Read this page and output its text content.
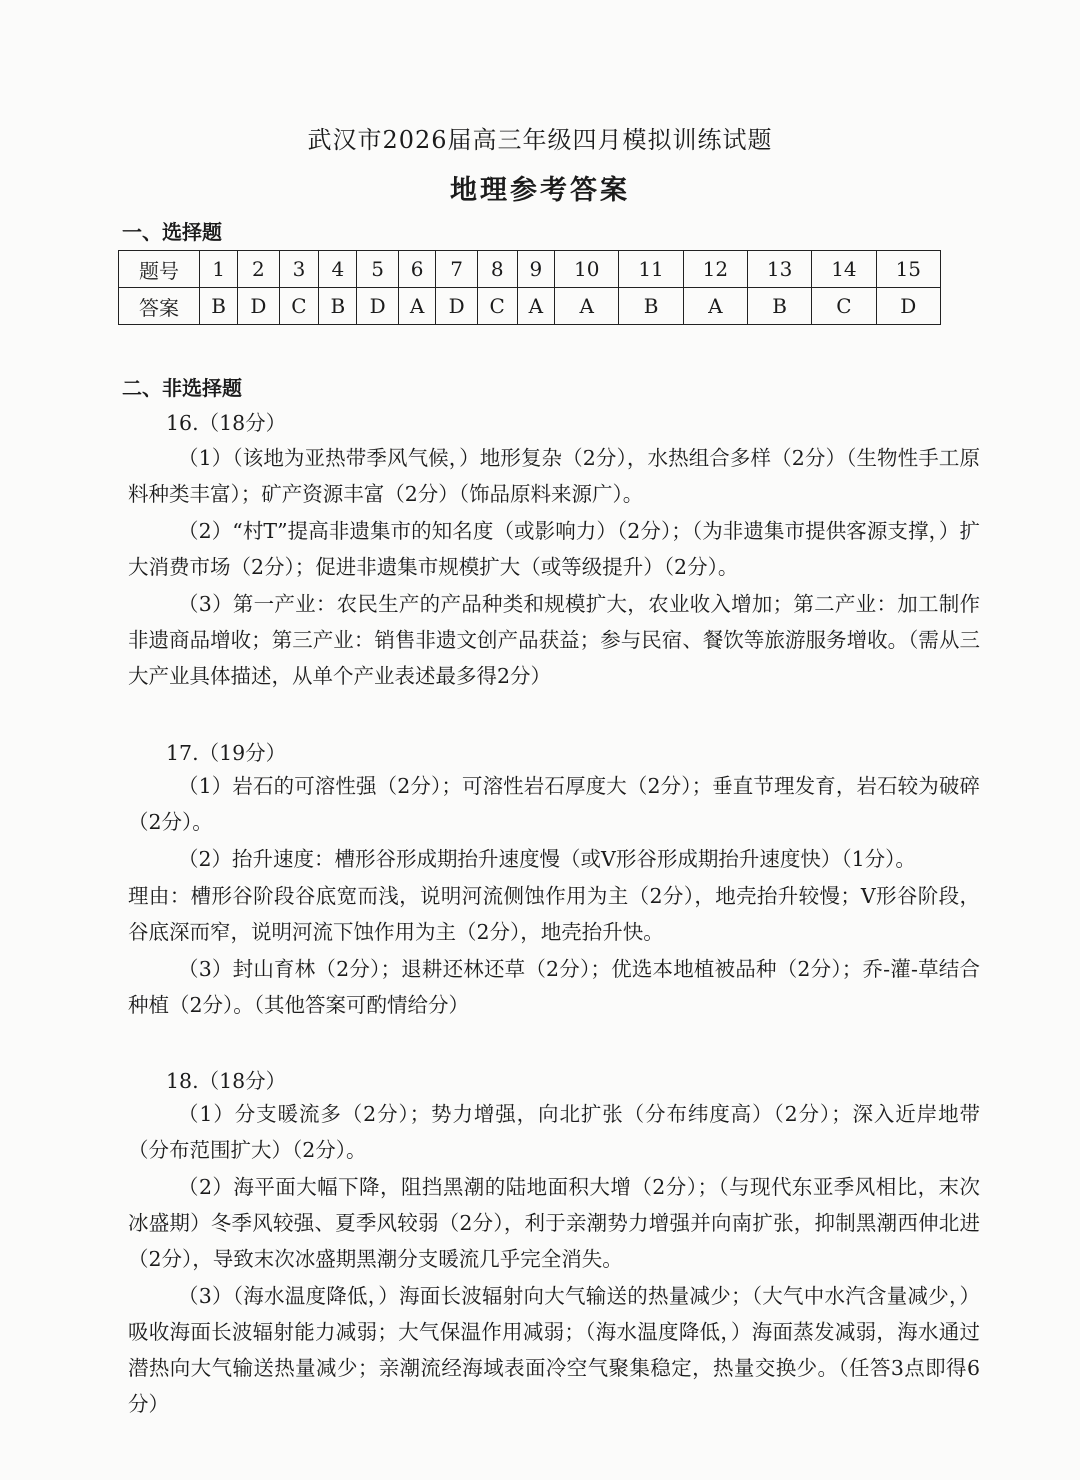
武汉市2026届高三年级四月模拟训练试题
地理参考答案
一、选择题
题号	1	2	3	4	5	6	7	8	9	10	11	12	13	14	15
答案	B	D	C	B	D	A	D	C	A	A	B	A	B	C	D
二、非选择题
16.（18分）

（1）（该地为亚热带季风气候，）地形复杂（2分），水热组合多样（2分）（生物性手工原料种类丰富）；矿产资源丰富（2分）（饰品原料来源广）。

（2）“村T”提高非遗集市的知名度（或影响力）（2分）；（为非遗集市提供客源支撑，）扩大消费市场（2分）；促进非遗集市规模扩大（或等级提升）（2分）。

（3）第一产业：农民生产的产品种类和规模扩大，农业收入增加；第二产业：加工制作非遗商品增收；第三产业：销售非遗文创产品获益；参与民宿、餐饮等旅游服务增收。（需从三大产业具体描述，从单个产业表述最多得2分）

17.（19分）

（1）岩石的可溶性强（2分）；可溶性岩石厚度大（2分）；垂直节理发育，岩石较为破碎（2分）。

（2）抬升速度：槽形谷形成期抬升速度慢（或V形谷形成期抬升速度快）（1分）。

理由：槽形谷阶段谷底宽而浅，说明河流侧蚀作用为主（2分），地壳抬升较慢；V形谷阶段，谷底深而窄，说明河流下蚀作用为主（2分），地壳抬升快。

（3）封山育林（2分）；退耕还林还草（2分）；优选本地植被品种（2分）；乔-灌-草结合种植（2分）。（其他答案可酌情给分）

18.（18分）

（1）分支暖流多（2分）；势力增强，向北扩张（分布纬度高）（2分）；深入近岸地带（分布范围扩大）（2分）。

（2）海平面大幅下降，阻挡黑潮的陆地面积大增（2分）；（与现代东亚季风相比，末次冰盛期）冬季风较强、夏季风较弱（2分），利于亲潮势力增强并向南扩张，抑制黑潮西伸北进（2分），导致末次冰盛期黑潮分支暖流几乎完全消失。

（3）（海水温度降低，）海面长波辐射向大气输送的热量减少；（大气中水汽含量减少，）吸收海面长波辐射能力减弱；大气保温作用减弱；（海水温度降低，）海面蒸发减弱，海水通过潜热向大气输送热量减少；亲潮流经海域表面冷空气聚集稳定，热量交换少。（任答3点即得6分）
